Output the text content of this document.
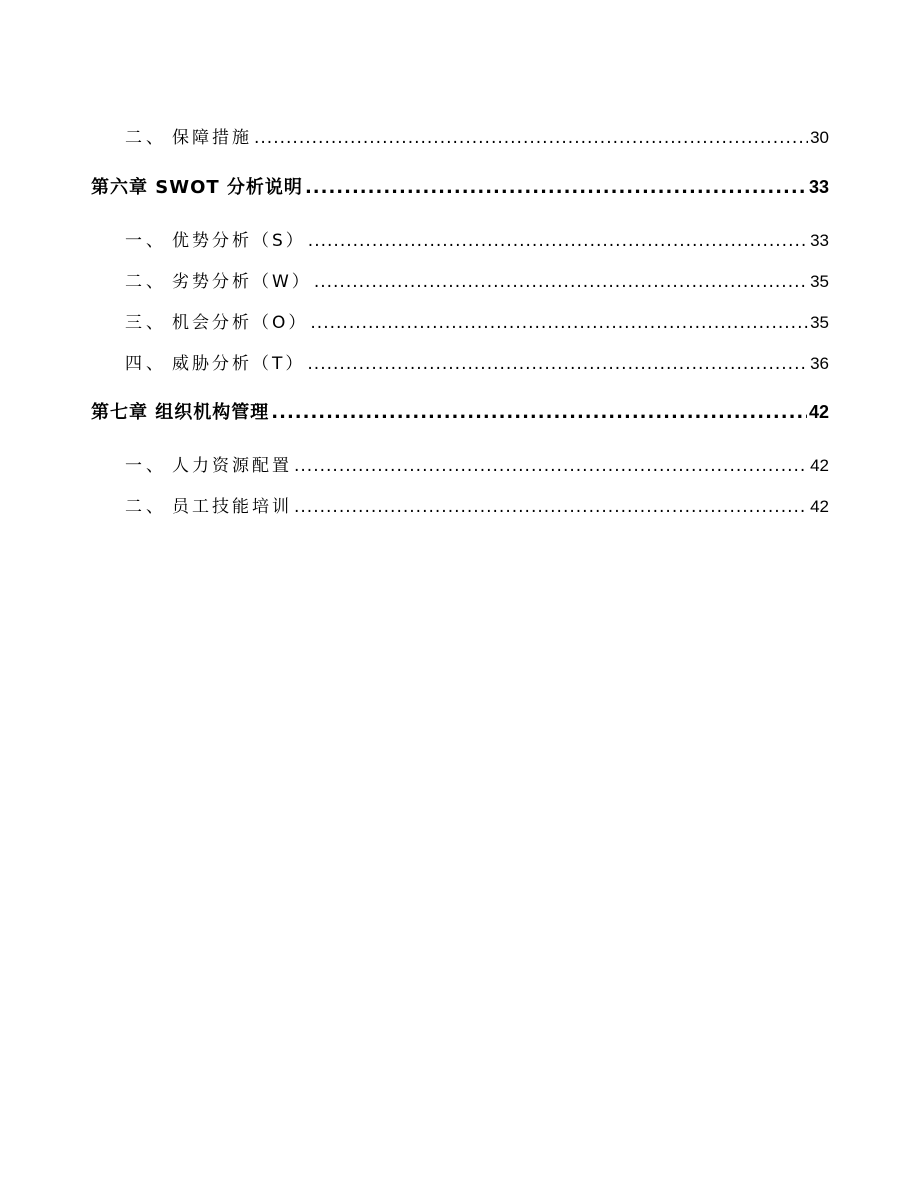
二、 保障措施 .....	30
第六章 SWOT 分析说明 .....	33
一、 优势分析（S） .....	33
二、 劣势分析（W） .....	35
三、 机会分析（O） .....	35
四、 威胁分析（T） .....	36
第七章 组织机构管理 .....	42
一、 人力资源配置 .....	42
二、 员工技能培训 .....	42
